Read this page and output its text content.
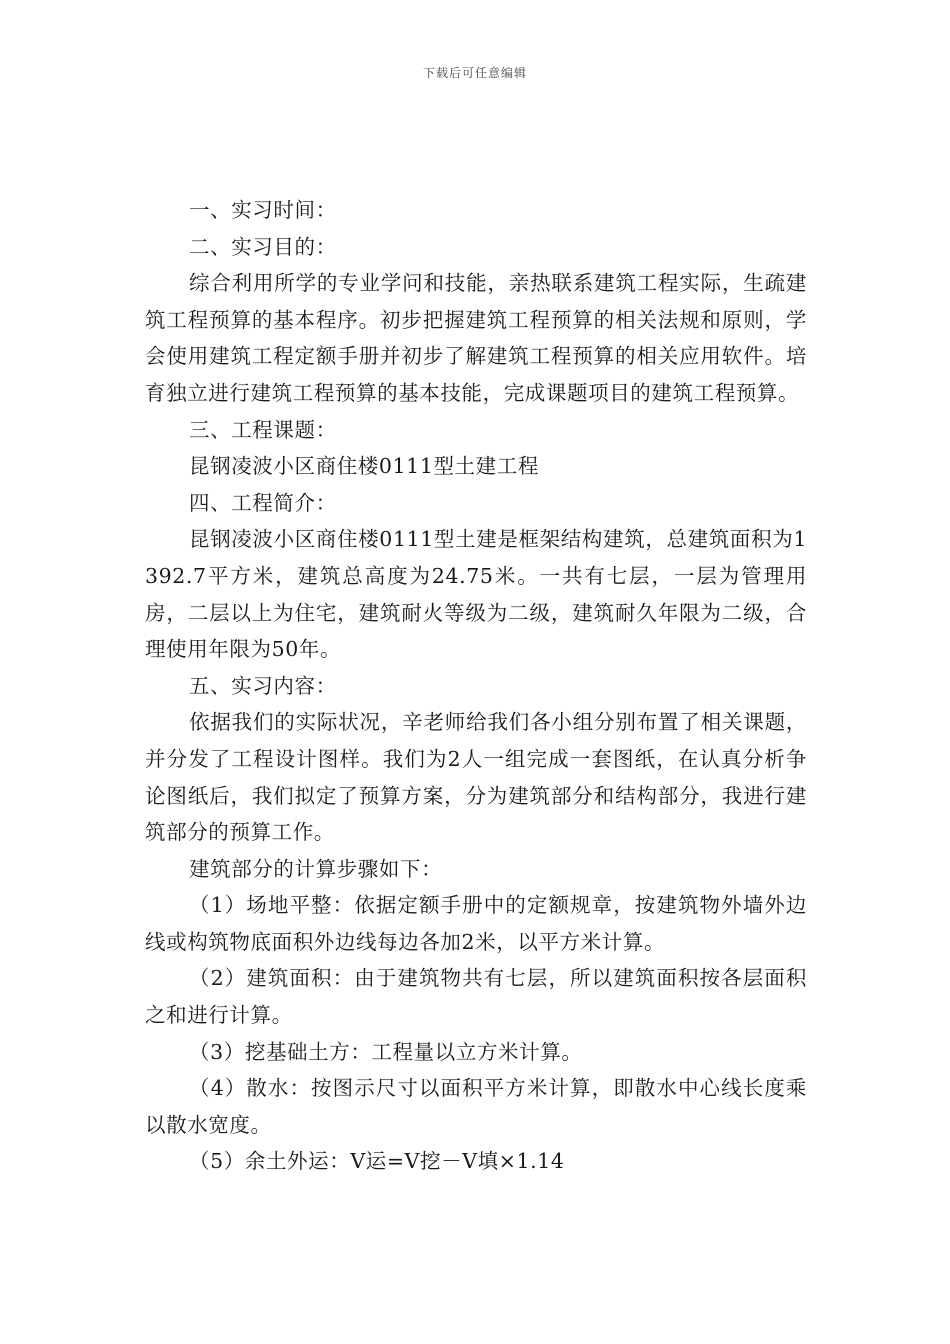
下载后可任意编辑

一、实习时间：

二、实习目的：

综合利用所学的专业学问和技能，亲热联系建筑工程实际，生疏建筑工程预算的基本程序。初步把握建筑工程预算的相关法规和原则，学会使用建筑工程定额手册并初步了解建筑工程预算的相关应用软件。培育独立进行建筑工程预算的基本技能，完成课题项目的建筑工程预算。

三、工程课题：

昆钢凌波小区商住楼0111型土建工程

四、工程简介：

昆钢凌波小区商住楼0111型土建是框架结构建筑，总建筑面积为1392.7平方米，建筑总高度为24.75米。一共有七层，一层为管理用房，二层以上为住宅，建筑耐火等级为二级，建筑耐久年限为二级，合理使用年限为50年。

五、实习内容：

依据我们的实际状况，辛老师给我们各小组分别布置了相关课题，并分发了工程设计图样。我们为2人一组完成一套图纸，在认真分析争论图纸后，我们拟定了预算方案，分为建筑部分和结构部分，我进行建筑部分的预算工作。

建筑部分的计算步骤如下：

（1）场地平整：依据定额手册中的定额规章，按建筑物外墙外边线或构筑物底面积外边线每边各加2米，以平方米计算。

（2）建筑面积：由于建筑物共有七层，所以建筑面积按各层面积之和进行计算。

（3）挖基础土方：工程量以立方米计算。

（4）散水：按图示尺寸以面积平方米计算，即散水中心线长度乘以散水宽度。

（5）余土外运：V运=V挖－V填×1.14
